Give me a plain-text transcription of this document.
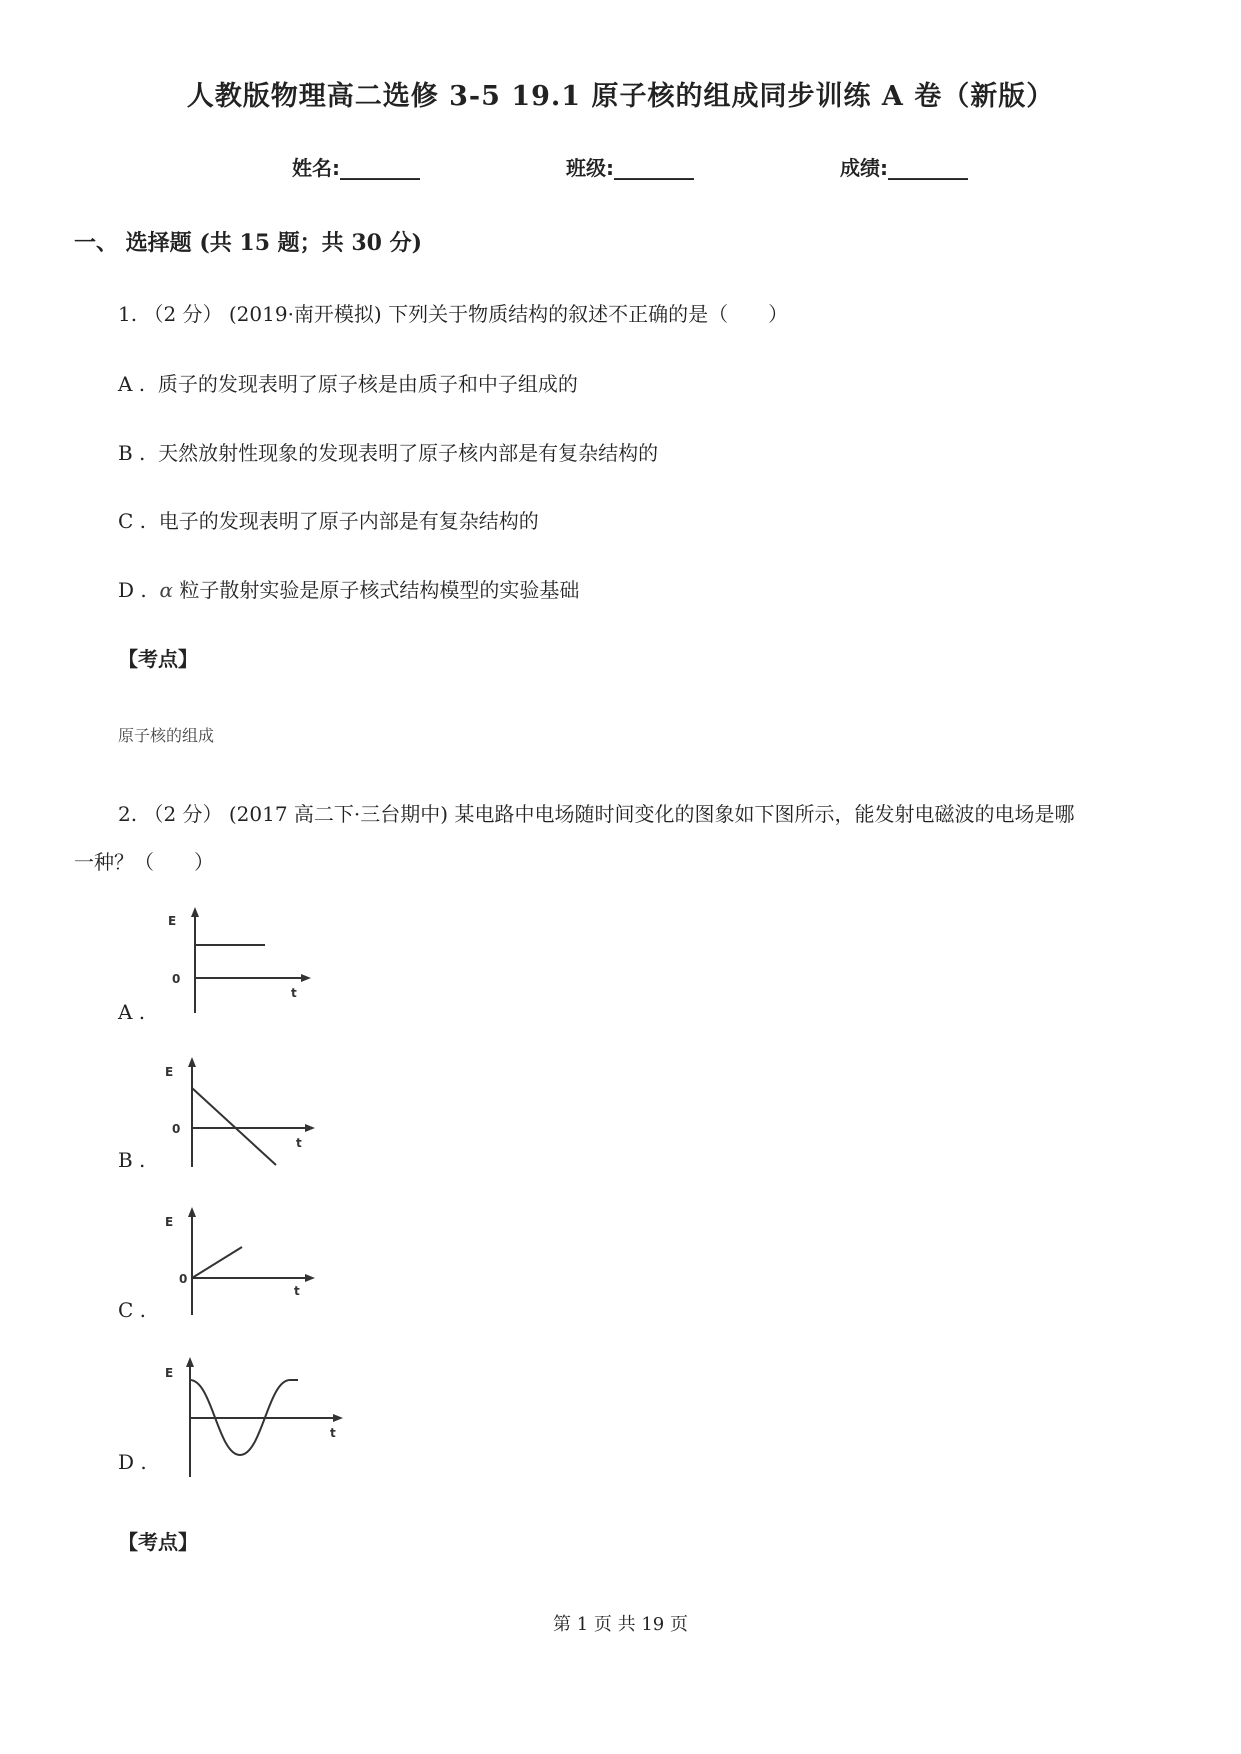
人教版物理高二选修 3-5 19.1 原子核的组成同步训练 A 卷（新版）
姓名:________	班级:________	成绩:________
一、 选择题 (共 15 题；共 30 分)
1. （2 分） (2019·南开模拟) 下列关于物质结构的叙述不正确的是（　　）
A . 质子的发现表明了原子核是由质子和中子组成的
B . 天然放射性现象的发现表明了原子核内部是有复杂结构的
C . 电子的发现表明了原子内部是有复杂结构的
D . α 粒子散射实验是原子核式结构模型的实验基础
【考点】
原子核的组成
2. （2 分） (2017 高二下·三台期中) 某电路中电场随时间变化的图象如下图所示，能发射电磁波的电场是哪
一种？（　　）
A .
E
0
t
B .
E
0
t
C .
E
0
t
D .
E
t
【考点】
第 1 页 共 19 页
